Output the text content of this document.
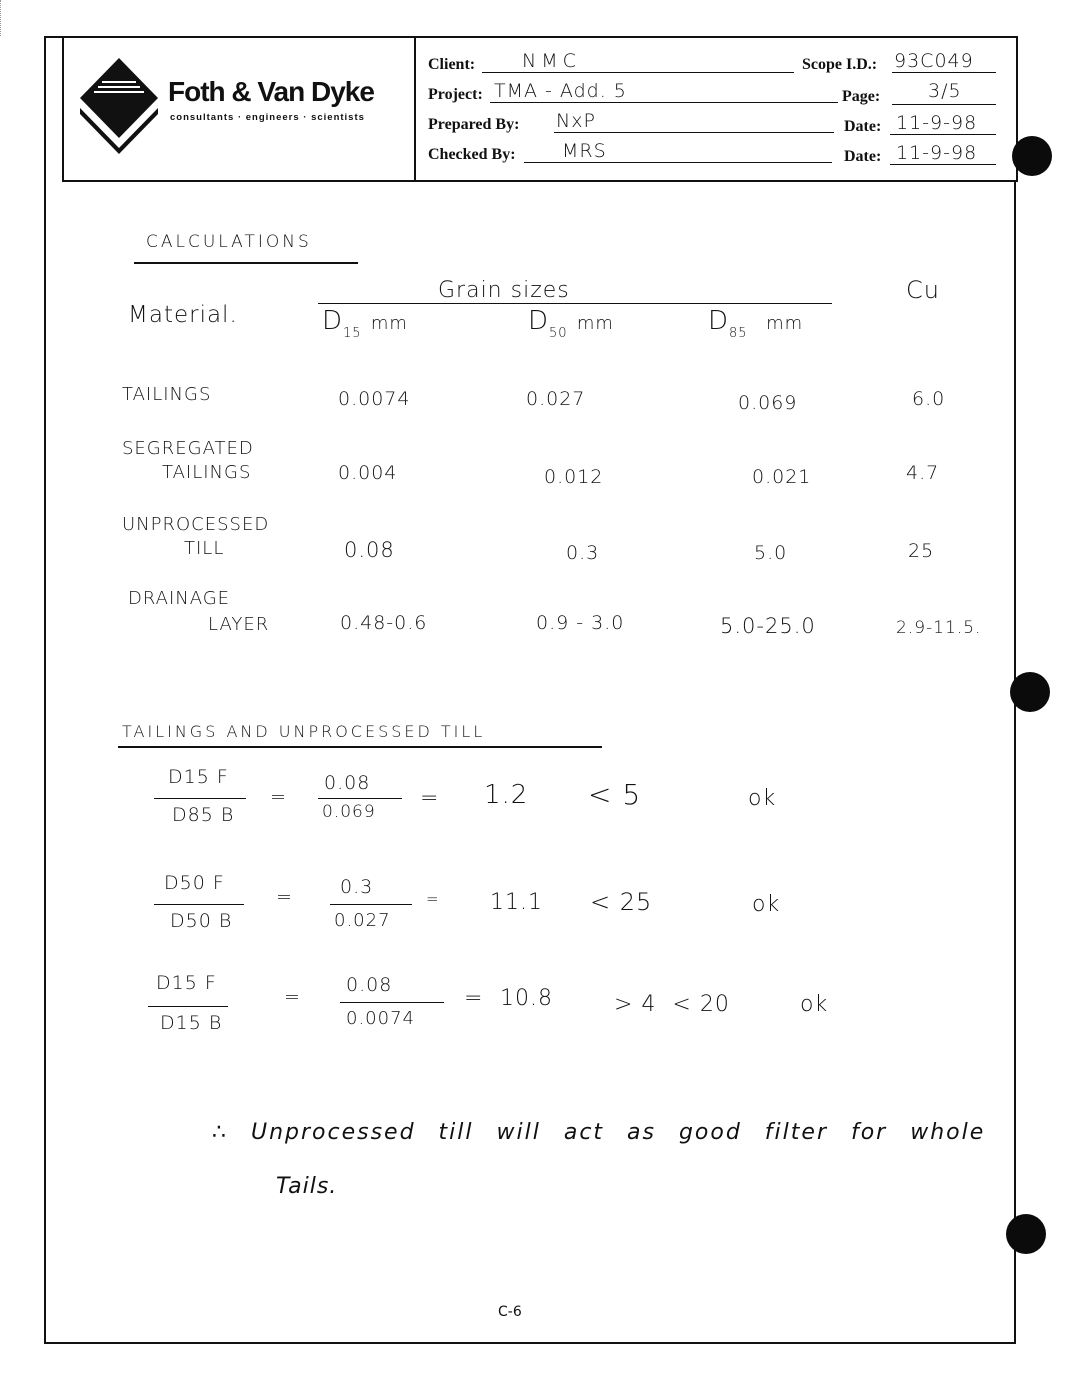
Foth & Van Dyke
consultants · engineers · scientists
Client: NMC
Project: TMA - Add. 5
Prepared By: NxP
Checked By: MRS
Scope I.D.: 93C049
Page:	3/5
Date: 11-9-98
Date: 11-9-98
CALCULATIONS
Grain sizes	Cu
Material.	$D_{15}$ mm	$D_{50}$ mm	$D_{85}$ mm
TAILINGS	0.0074	0.027	0.069	6.0
SEGREGATED
TAILINGS	0.004	0.012	0.021	4.7
UNPROCESSED
TILL	0.08	0.3	5.0	25
DRAINAGE
LAYER	0.48-0.6	0.9 - 3.0	5.0-25.0	2.9-11.5.
TAILINGS AND UNPROCESSED TILL
D15 F
D85 B
=
0.08
0.069
= 1.2 < 5	ok
D50 F
D50 B
= 0.3
0.027
= 11.1 < 25	ok
D15 F
D15 B
=
0.08
0.0074
= 10.8	> 4  < 20	ok
∴ Unprocessed till will act as good filter for whole
Tails.
C-6
